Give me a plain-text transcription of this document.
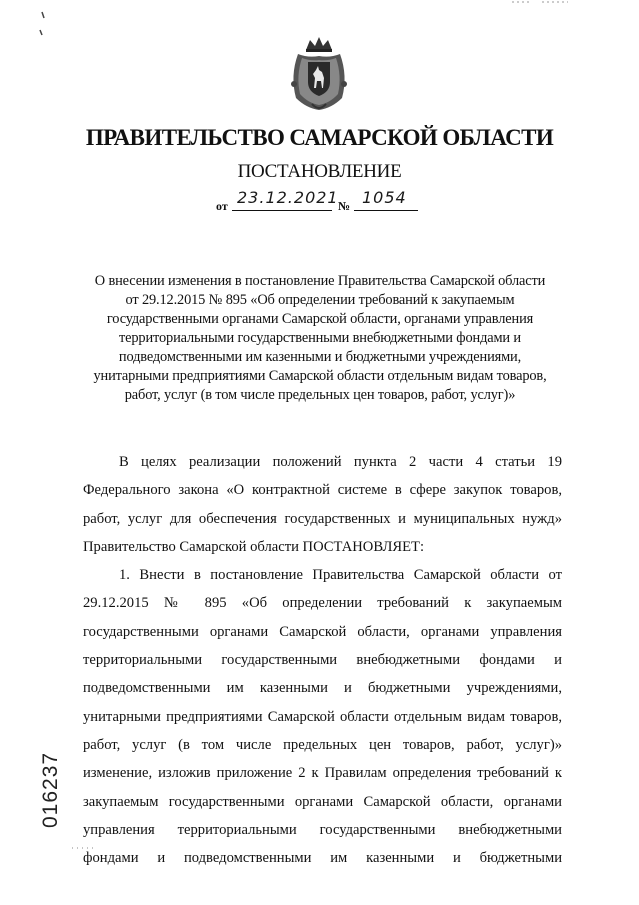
ПРАВИТЕЛЬСТВО САМАРСКОЙ ОБЛАСТИ
ПОСТАНОВЛЕНИЕ
от 23.12.2021 № 1054
О внесении изменения в постановление Правительства Самарской области
от 29.12.2015 № 895 «Об определении требований к закупаемым
государственными органами Самарской области, органами управления
территориальными государственными внебюджетными фондами и
подведомственными им казенными и бюджетными учреждениями,
унитарными предприятиями Самарской области отдельным видам товаров,
работ, услуг (в том числе предельных цен товаров, работ, услуг)»
В целях реализации положений пункта 2 части 4 статьи 19
Федерального закона «О контрактной системе в сфере закупок товаров,
работ, услуг для обеспечения государственных и муниципальных нужд»
Правительство Самарской области ПОСТАНОВЛЯЕТ:
1. Внести в постановление Правительства Самарской области от
29.12.2015 № 895 «Об определении требований к закупаемым
государственными органами Самарской области, органами управления
территориальными государственными внебюджетными фондами и
подведомственными им казенными и бюджетными учреждениями,
унитарными предприятиями Самарской области отдельным видам товаров,
работ, услуг (в том числе предельных цен товаров, работ, услуг)»
изменение, изложив приложение 2 к Правилам определения требований к
закупаемым государственными органами Самарской области, органами
управления территориальными государственными внебюджетными
фондами и подведомственными им казенными и бюджетными
016237
